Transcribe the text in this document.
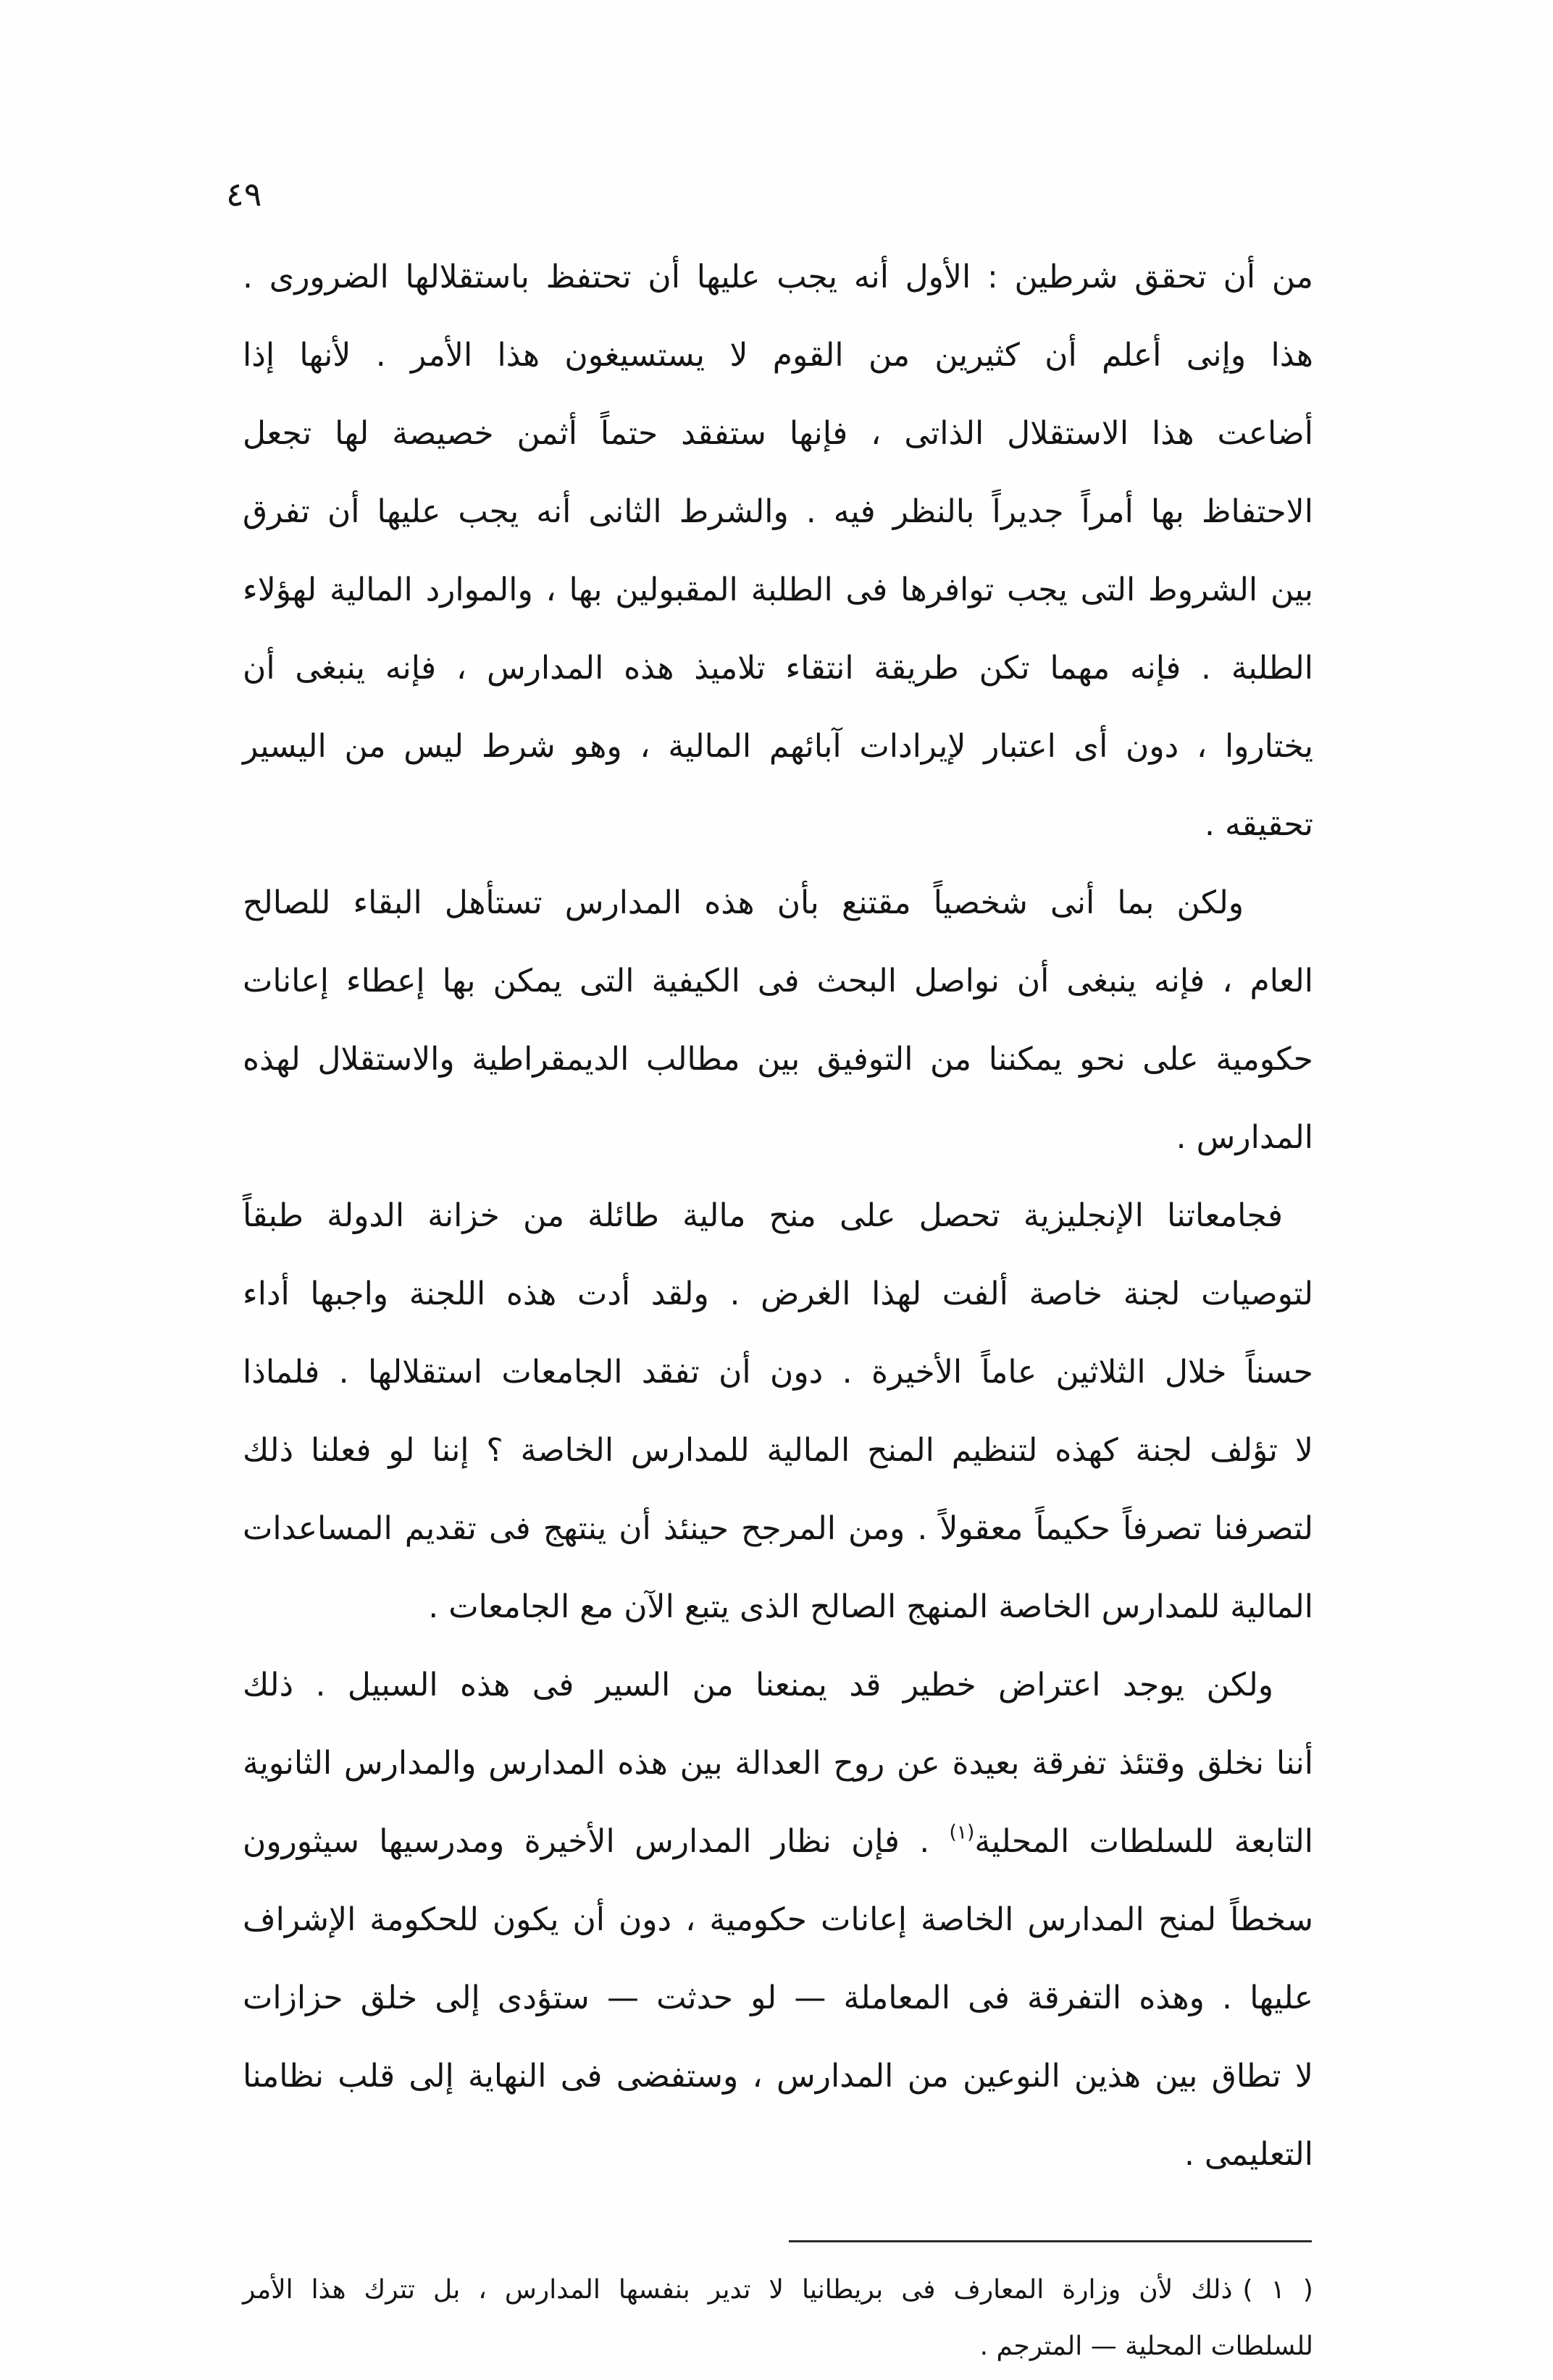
٤٩
من أن تحقق شرطين : الأول أنه يجب عليها أن تحتفظ باستقلالها الضرورى .
هذا وإنى أعلم أن كثيرين من القوم لا يستسيغون هذا الأمر . لأنها إذا
أضاعت هذا الاستقلال الذاتى ، فإنها ستفقد حتماً أثمن خصيصة لها تجعل
الاحتفاظ بها أمراً جديراً بالنظر فيه . والشرط الثانى أنه يجب عليها أن تفرق
بين الشروط التى يجب توافرها فى الطلبة المقبولين بها ، والموارد المالية لهؤلاء
الطلبة . فإنه مهما تكن طريقة انتقاء تلاميذ هذه المدارس ، فإنه ينبغى أن
يختاروا ، دون أى اعتبار لإيرادات آبائهم المالية ، وهو شرط ليس من اليسير
تحقيقه .
ولكن بما أنى شخصياً مقتنع بأن هذه المدارس تستأهل البقاء للصالح
العام ، فإنه ينبغى أن نواصل البحث فى الكيفية التى يمكن بها إعطاء إعانات
حكومية على نحو يمكننا من التوفيق بين مطالب الديمقراطية والاستقلال لهذه
المدارس .
فجامعاتنا الإنجليزية تحصل على منح مالية طائلة من خزانة الدولة طبقاً
لتوصيات لجنة خاصة ألفت لهذا الغرض . ولقد أدت هذه اللجنة واجبها أداء
حسناً خلال الثلاثين عاماً الأخيرة . دون أن تفقد الجامعات استقلالها . فلماذا
لا تؤلف لجنة كهذه لتنظيم المنح المالية للمدارس الخاصة ؟ إننا لو فعلنا ذلك
لتصرفنا تصرفاً حكيماً معقولاً . ومن المرجح حينئذ أن ينتهج فى تقديم المساعدات
المالية للمدارس الخاصة المنهج الصالح الذى يتبع الآن مع الجامعات .
ولكن يوجد اعتراض خطير قد يمنعنا من السير فى هذه السبيل . ذلك
أننا نخلق وقتئذ تفرقة بعيدة عن روح العدالة بين هذه المدارس والمدارس الثانوية
التابعة للسلطات المحلية$^{(١)}$ . فإن نظار المدارس الأخيرة ومدرسيها سيثورون
سخطاً لمنح المدارس الخاصة إعانات حكومية ، دون أن يكون للحكومة الإشراف
عليها . وهذه التفرقة فى المعاملة — لو حدثت — ستؤدى إلى خلق حزازات
لا تطاق بين هذين النوعين من المدارس ، وستفضى فى النهاية إلى قلب نظامنا
التعليمى .
( ١ )ذلك لأن وزارة المعارف فى بريطانيا لا تدير بنفسها المدارس ، بل تترك هذا الأمر
للسلطات المحلية — المترجم .
